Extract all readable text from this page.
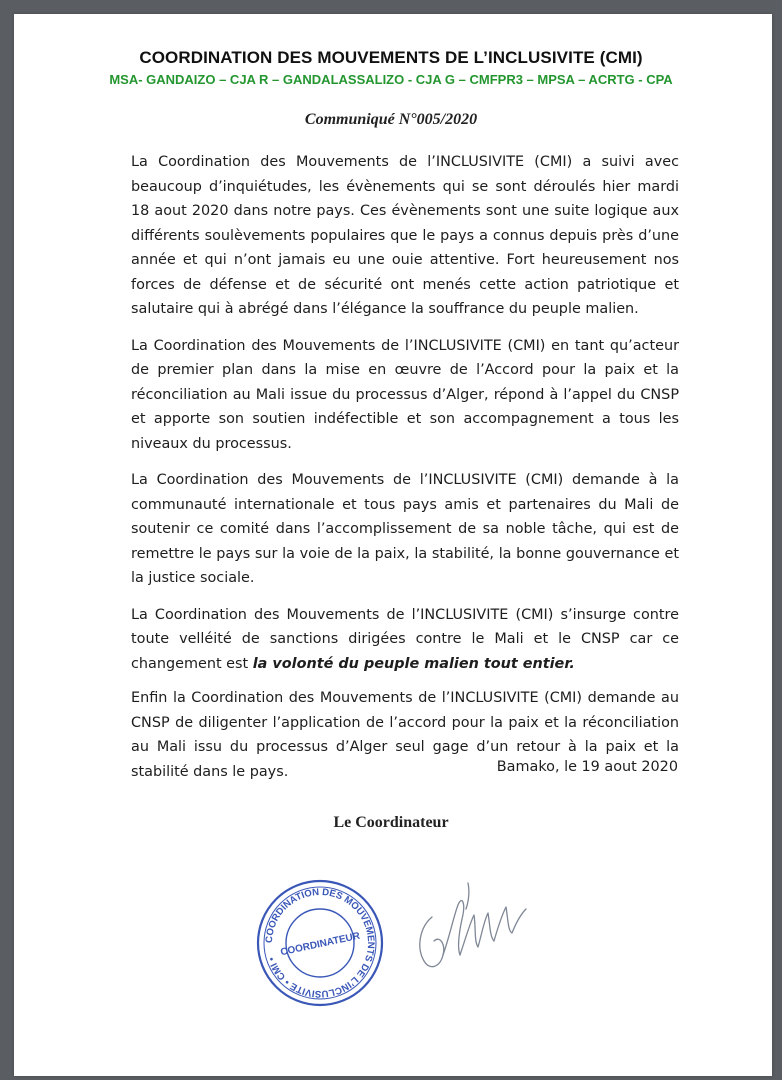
COORDINATION DES MOUVEMENTS DE L’INCLUSIVITE (CMI)
MSA- GANDAIZO – CJA R – GANDALASSALIZO - CJA G – CMFPR3 – MPSA – ACRTG - CPA
Communiqué N°005/2020

La Coordination des Mouvements de l’INCLUSIVITE (CMI) a suivi avec beaucoup d’inquiétudes, les évènements qui se sont déroulés hier mardi 18 aout 2020 dans notre pays. Ces évènements sont une suite logique aux différents soulèvements populaires que le pays a connus depuis près d’une année et qui n’ont jamais eu une ouie attentive. Fort heureusement nos forces de défense et de sécurité ont menés cette action patriotique et salutaire qui à abrégé dans l’élégance la souffrance du peuple malien.

La Coordination des Mouvements de l’INCLUSIVITE (CMI) en tant qu’acteur de premier plan dans la mise en œuvre de l’Accord pour la paix et la réconciliation au Mali issue du processus d’Alger, répond à l’appel du CNSP et apporte son soutien indéfectible et son accompagnement a tous les niveaux du processus.

La Coordination des Mouvements de l’INCLUSIVITE (CMI) demande à la communauté internationale et tous pays amis et partenaires du Mali de soutenir ce comité dans l’accomplissement de sa noble tâche, qui est de remettre le pays sur la voie de la paix, la stabilité, la bonne gouvernance et la justice sociale.

La Coordination des Mouvements de l’INCLUSIVITE (CMI) s’insurge contre toute velléité de sanctions dirigées contre le Mali et le CNSP car ce changement est la volonté du peuple malien tout entier.

Enfin la Coordination des Mouvements de l’INCLUSIVITE (CMI) demande au CNSP de diligenter l’application de l’accord pour la paix et la réconciliation au Mali issu du processus d’Alger seul gage d’un retour à la paix et la stabilité dans le pays.	Bamako, le 19 aout 2020
Le Coordinateur
COORDINATION DES MOUVEMENTS DE L’INCLUSIVITE • CMI •
COORDINATEUR
